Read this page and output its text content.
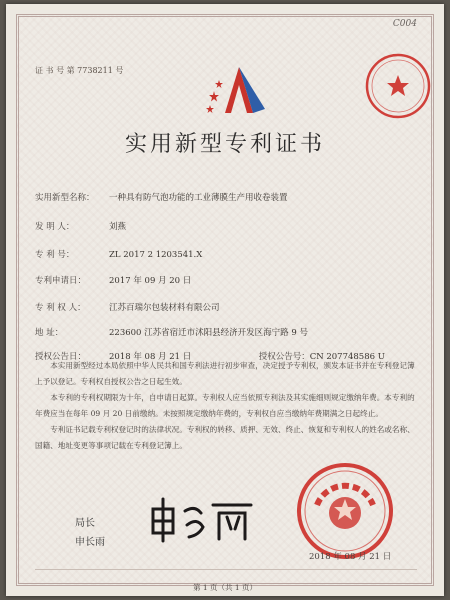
C004
证 书 号 第 7738211 号
实用新型专利证书
实用新型名称： 一种具有防气泡功能的工业薄膜生产用收卷装置
发 明 人：	刘燕
专 利 号：	ZL 2017 2 1203541.X
专利申请日：	2017 年 09 月 20 日
专 利 权 人：	江苏百瑞尔包装材料有限公司
地 址：	223600 江苏省宿迁市沭阳县经济开发区海宁路 9 号
授权公告日：	2018 年 08 月 21 日	授权公告号：CN 207748586 U

本实用新型经过本局依照中华人民共和国专利法进行初步审查，决定授予专利权，颁发本证书并在专利登记簿上予以登记。专利权自授权公告之日起生效。

本专利的专利权期限为十年，自申请日起算。专利权人应当依照专利法及其实施细则规定缴纳年费。本专利的年费应当在每年 09 月 20 日前缴纳。未按照规定缴纳年费的，专利权自应当缴纳年费期满之日起终止。

专利证书记载专利权登记时的法律状况。专利权的转移、质押、无效、终止、恢复和专利权人的姓名或名称、国籍、地址变更等事项记载在专利登记簿上。

局长
申长雨
2018 年 08 月 21 日
第 1 页（共 1 页）
